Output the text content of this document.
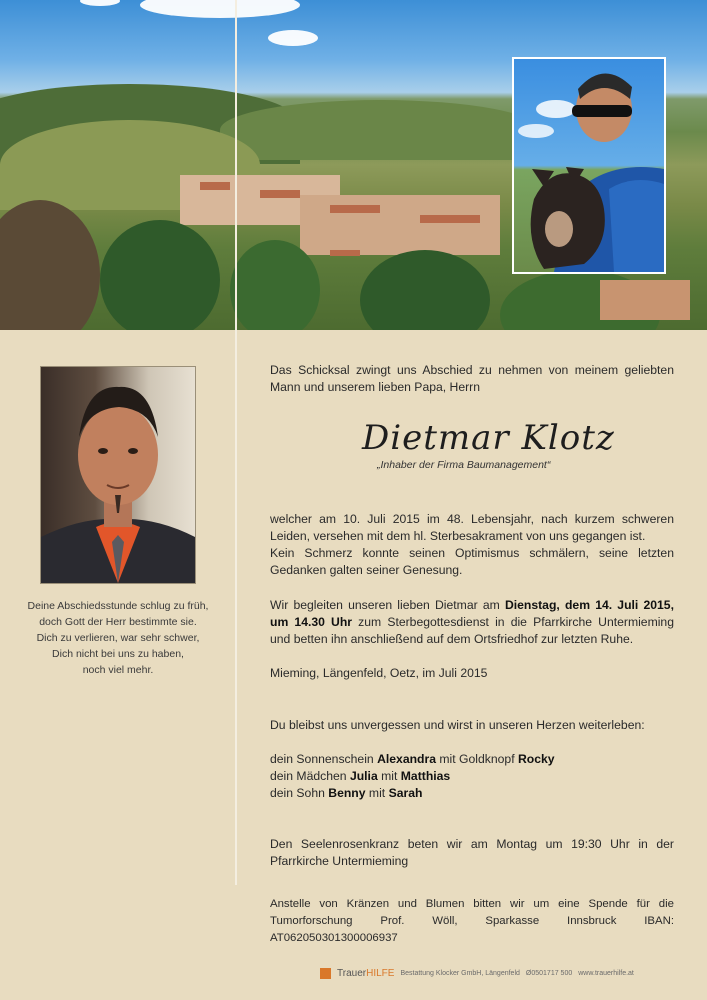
Deine Abschiedsstunde schlug zu früh,
doch Gott der Herr bestimmte sie.
Dich zu verlieren, war sehr schwer,
Dich nicht bei uns zu haben,
noch viel mehr.
Das Schicksal zwingt uns Abschied zu nehmen von meinem geliebten Mann und unserem lieben Papa, Herrn
Dietmar Klotz
„Inhaber der Firma Baumanagement“
welcher am 10. Juli 2015 im 48. Lebensjahr, nach kurzem schweren Leiden, versehen mit dem hl. Sterbesakrament von uns gegangen ist.
Kein Schmerz konnte seinen Optimismus schmälern, seine letzten Gedanken galten seiner Genesung.
Wir begleiten unseren lieben Dietmar am Dienstag, dem 14. Juli 2015, um 14.30 Uhr zum Sterbegottesdienst in die Pfarrkirche Untermieming und betten ihn anschließend auf dem Ortsfriedhof zur letzten Ruhe.
Mieming, Längenfeld, Oetz, im Juli 2015
Du bleibst uns unvergessen und wirst in unseren Herzen weiterleben:
dein Sonnenschein Alexandra mit Goldknopf Rocky
dein Mädchen Julia mit Matthias
dein Sohn Benny mit Sarah
Den Seelenrosenkranz beten wir am Montag um 19:30 Uhr in der Pfarrkirche Untermieming
Anstelle von Kränzen und Blumen bitten wir um eine Spende für die Tumorforschung Prof. Wöll, Sparkasse Innsbruck IBAN: AT062050301300006937
TrauerHILFE Bestattung Klocker GmbH, Längenfeld Ø0501717 500 www.trauerhilfe.at
